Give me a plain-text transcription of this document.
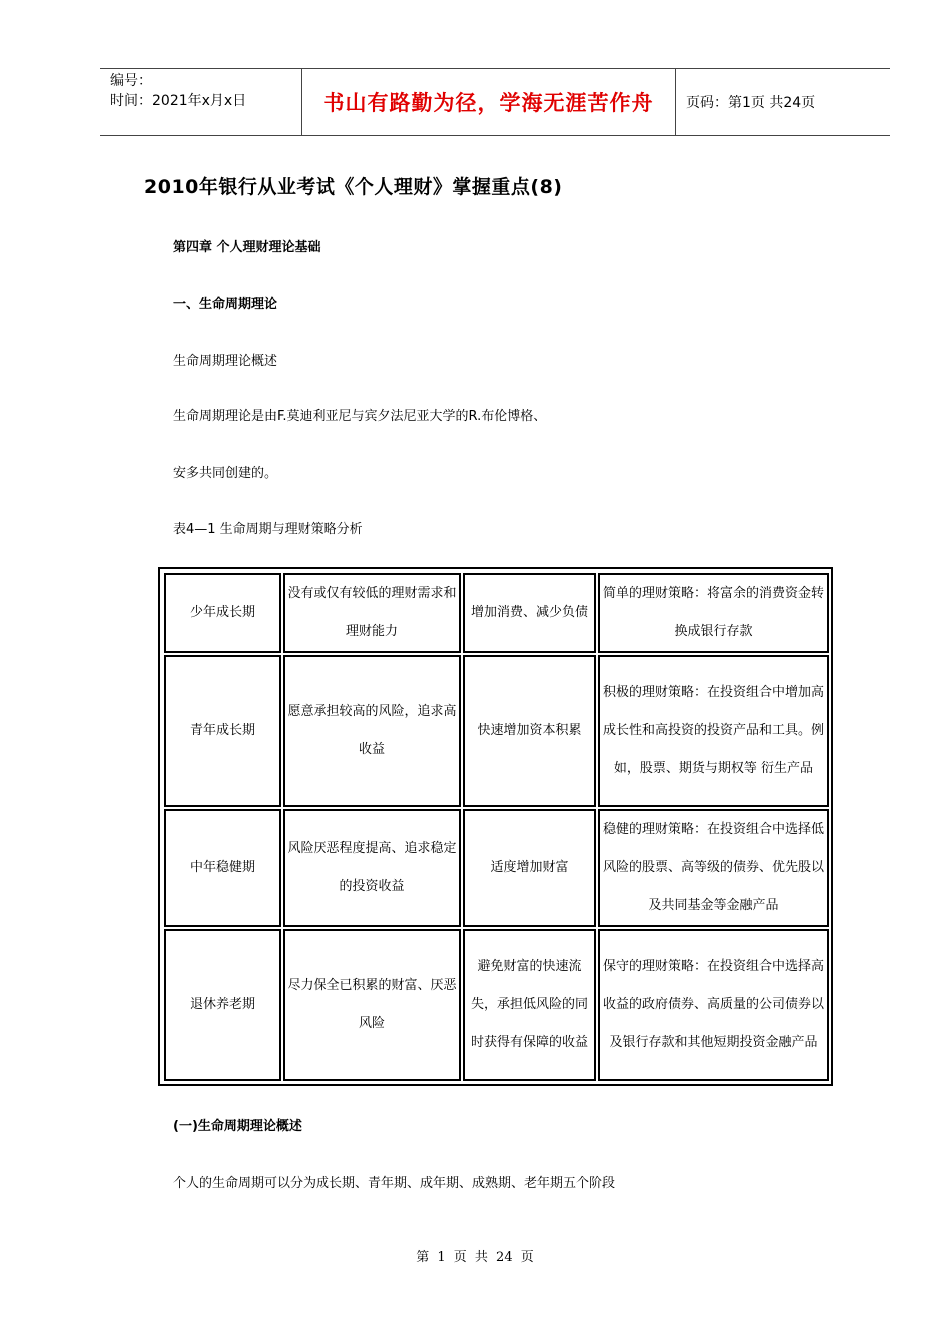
编号：
时间：2021年x月x日	书山有路勤为径，学海无涯苦作舟	页码：第1页 共24页
2010年银行从业考试《个人理财》掌握重点(8)
第四章 个人理财理论基础
一、生命周期理论
生命周期理论概述
生命周期理论是由F.莫迪利亚尼与宾夕法尼亚大学的R.布伦博格、
安多共同创建的。
表4—1 生命周期与理财策略分析
少年成长期	没有或仅有较低的理财需求和理财能力	增加消费、减少负债	简单的理财策略：将富余的消费资金转换成银行存款
青年成长期	愿意承担较高的风险，追求高收益	快速增加资本积累	积极的理财策略：在投资组合中增加高成长性和高投资的投资产品和工具。例如，股票、期货与期权等 衍生产品
中年稳健期	风险厌恶程度提高、追求稳定的投资收益	适度增加财富	稳健的理财策略：在投资组合中选择低风险的股票、高等级的债券、优先股以及共同基金等金融产品
退休养老期	尽力保全已积累的财富、厌恶风险	避免财富的快速流失，承担低风险的同时获得有保障的收益	保守的理财策略：在投资组合中选择高收益的政府债券、高质量的公司债券以及银行存款和其他短期投资金融产品
(一)生命周期理论概述
个人的生命周期可以分为成长期、青年期、成年期、成熟期、老年期五个阶段
第 1 页 共 24 页
